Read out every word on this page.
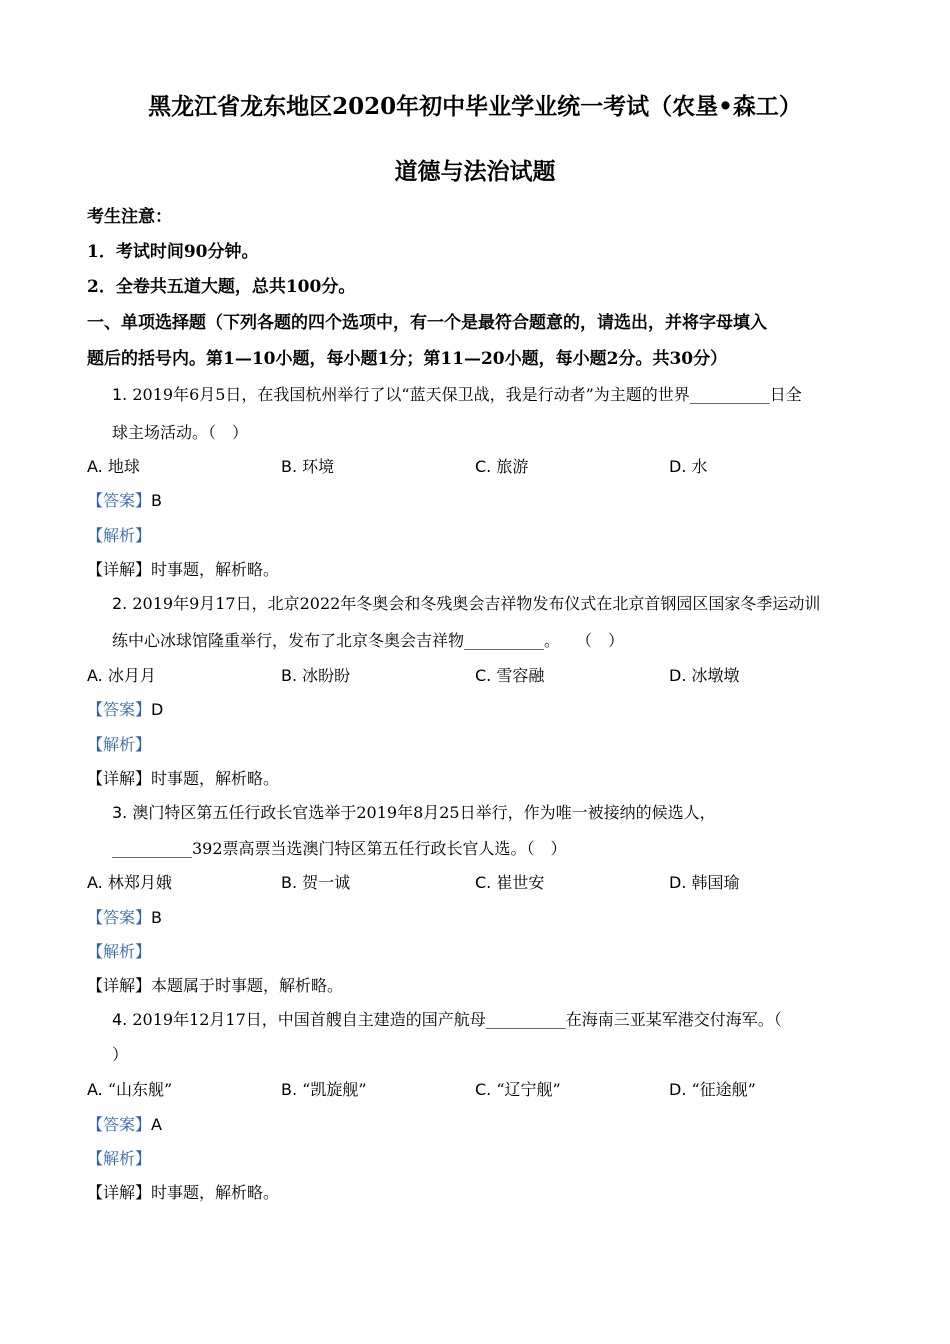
黑龙江省龙东地区2020年初中毕业学业统一考试（农垦•森工）
道德与法治试题
考生注意：
1．考试时间90分钟。
2．全卷共五道大题，总共100分。
一、单项选择题（下列各题的四个选项中，有一个是最符合题意的，请选出，并将字母填入
题后的括号内。第1—10小题，每小题1分；第11—20小题，每小题2分。共30分）
1. 2019年6月5日，在我国杭州举行了以“蓝天保卫战，我是行动者”为主题的世界__________日全
球主场活动。（　）
A. 地球	B. 环境	C. 旅游	D. 水
【答案】B
【解析】
【详解】时事题，解析略。
2. 2019年9月17日，北京2022年冬奥会和冬残奥会吉祥物发布仪式在北京首钢园区国家冬季运动训
练中心冰球馆隆重举行，发布了北京冬奥会吉祥物__________。　　（　）
A. 冰月月	B. 冰盼盼	C. 雪容融	D. 冰墩墩
【答案】D
【解析】
【详解】时事题，解析略。
3. 澳门特区第五任行政长官选举于2019年8月25日举行，作为唯一被接纳的候选人，
__________392票高票当选澳门特区第五任行政长官人选。（　）
A. 林郑月娥	B. 贺一诚	C. 崔世安	D. 韩国瑜
【答案】B
【解析】
【详解】本题属于时事题，解析略。
4. 2019年12月17日，中国首艘自主建造的国产航母__________在海南三亚某军港交付海军。（
）
A. “山东舰”	B. “凯旋舰”	C. “辽宁舰”	D. “征途舰”
【答案】A
【解析】
【详解】时事题，解析略。
